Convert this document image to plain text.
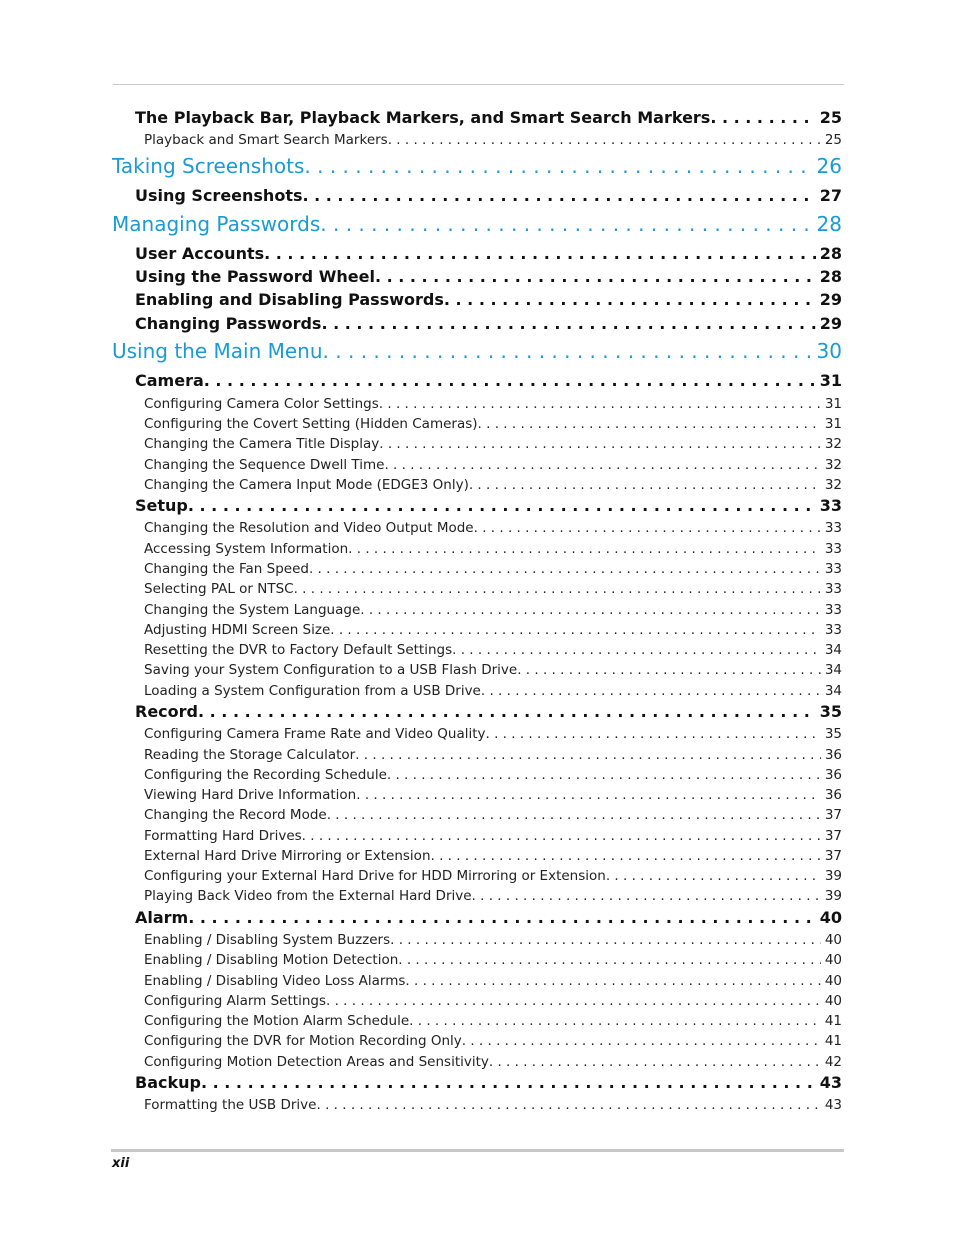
The Playback Bar, Playback Markers, and Smart Search Markers . . .	25
Playback and Smart Search Markers . . .	25
Taking Screenshots . . .	26
Using Screenshots . . .	27
Managing Passwords . . .	28
User Accounts . . .	28
Using the Password Wheel . . .	28
Enabling and Disabling Passwords . . .	29
Changing Passwords . . .	29
Using the Main Menu . . .	30
Camera . . .	31
Configuring Camera Color Settings . . .	31
Configuring the Covert Setting (Hidden Cameras) . . .	31
Changing the Camera Title Display . . .	32
Changing the Sequence Dwell Time . . .	32
Changing the Camera Input Mode (EDGE3 Only) . . .	32
Setup . . .	33
Changing the Resolution and Video Output Mode . . .	33
Accessing System Information . . .	33
Changing the Fan Speed . . .	33
Selecting PAL or NTSC . . .	33
Changing the System Language . . .	33
Adjusting HDMI Screen Size . . .	33
Resetting the DVR to Factory Default Settings . . .	34
Saving your System Configuration to a USB Flash Drive . . .	34
Loading a System Configuration from a USB Drive . . .	34
Record . . .	35
Configuring Camera Frame Rate and Video Quality . . .	35
Reading the Storage Calculator . . .	36
Configuring the Recording Schedule . . .	36
Viewing Hard Drive Information . . .	36
Changing the Record Mode . . .	37
Formatting Hard Drives . . .	37
External Hard Drive Mirroring or Extension . . .	37
Configuring your External Hard Drive for HDD Mirroring or Extension . . .	39
Playing Back Video from the External Hard Drive . . .	39
Alarm . . .	40
Enabling / Disabling System Buzzers . . .	40
Enabling / Disabling Motion Detection . . .	40
Enabling / Disabling Video Loss Alarms . . .	40
Configuring Alarm Settings . . .	40
Configuring the Motion Alarm Schedule . . .	41
Configuring the DVR for Motion Recording Only . . .	41
Configuring Motion Detection Areas and Sensitivity . . .	42
Backup . . .	43
Formatting the USB Drive . . .	43
xii
